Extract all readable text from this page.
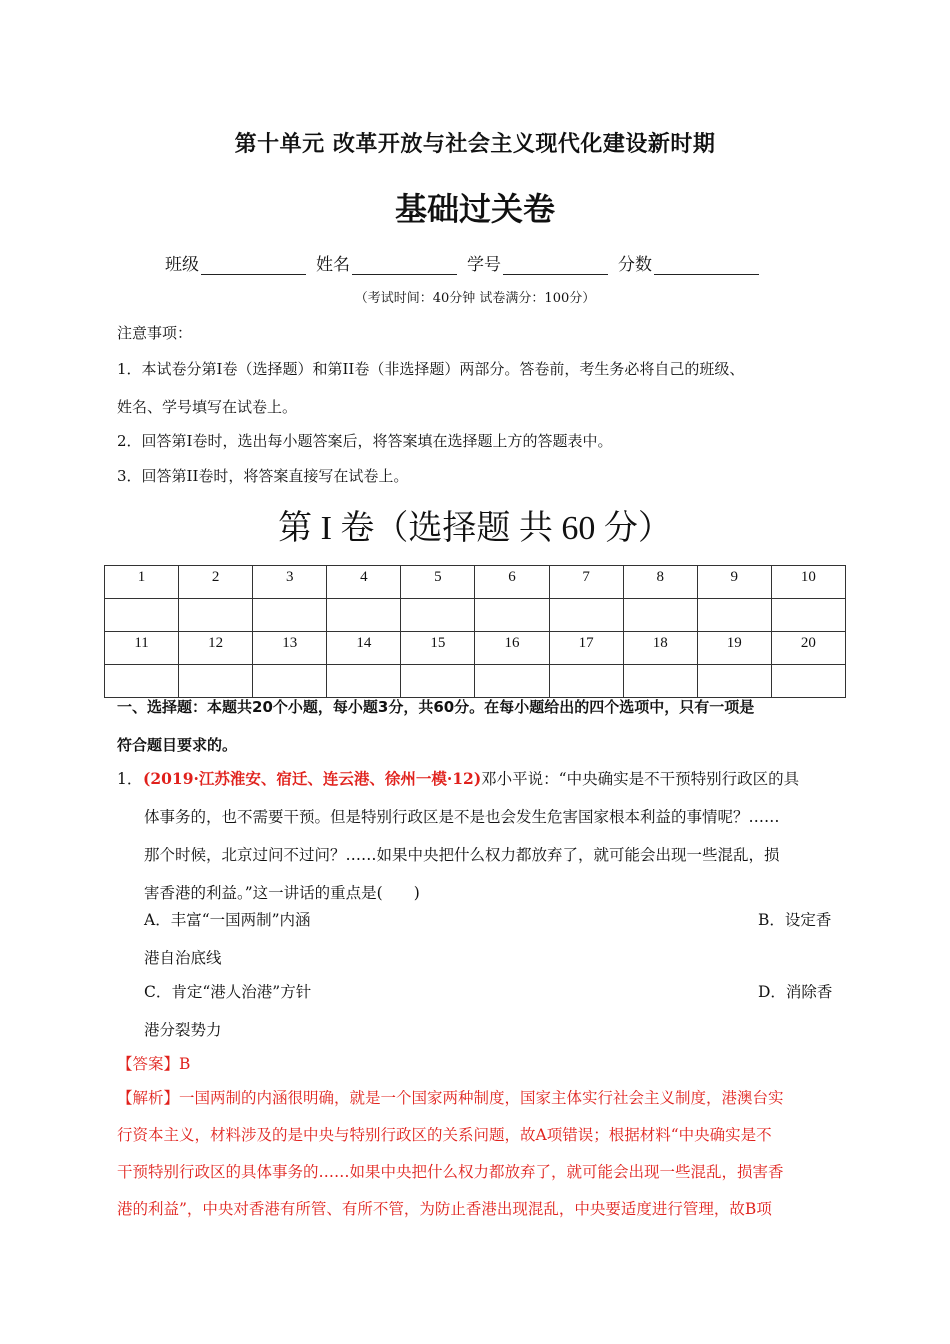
第十单元 改革开放与社会主义现代化建设新时期
基础过关卷
班级	姓名	学号	分数
（考试时间：40分钟 试卷满分：100分）
注意事项：
1．本试卷分第I卷（选择题）和第II卷（非选择题）两部分。答卷前，考生务必将自己的班级、
姓名、学号填写在试卷上。
2．回答第I卷时，选出每小题答案后，将答案填在选择题上方的答题表中。
3．回答第II卷时，将答案直接写在试卷上。
第 I 卷（选择题 共 60 分）
1	2	3	4	5	6	7	8	9	10

11	12	13	14	15	16	17	18	19	20

一、选择题：本题共20个小题，每小题3分，共60分。在每小题给出的四个选项中，只有一项是
符合题目要求的。
1．(2019·江苏淮安、宿迁、连云港、徐州一模·12)邓小平说：“中央确实是不干预特别行政区的具
体事务的，也不需要干预。但是特别行政区是不是也会发生危害国家根本利益的事情呢？……
那个时候，北京过问不过问？……如果中央把什么权力都放弃了，就可能会出现一些混乱，损
害香港的利益。”这一讲话的重点是(　　)
A．丰富“一国两制”内涵	B．设定香
港自治底线
C．肯定“港人治港”方针	D．消除香
港分裂势力
【答案】B
【解析】一国两制的内涵很明确，就是一个国家两种制度，国家主体实行社会主义制度，港澳台实
行资本主义，材料涉及的是中央与特别行政区的关系问题，故A项错误；根据材料“中央确实是不
干预特别行政区的具体事务的……如果中央把什么权力都放弃了，就可能会出现一些混乱，损害香
港的利益”，中央对香港有所管、有所不管，为防止香港出现混乱，中央要适度进行管理，故B项
